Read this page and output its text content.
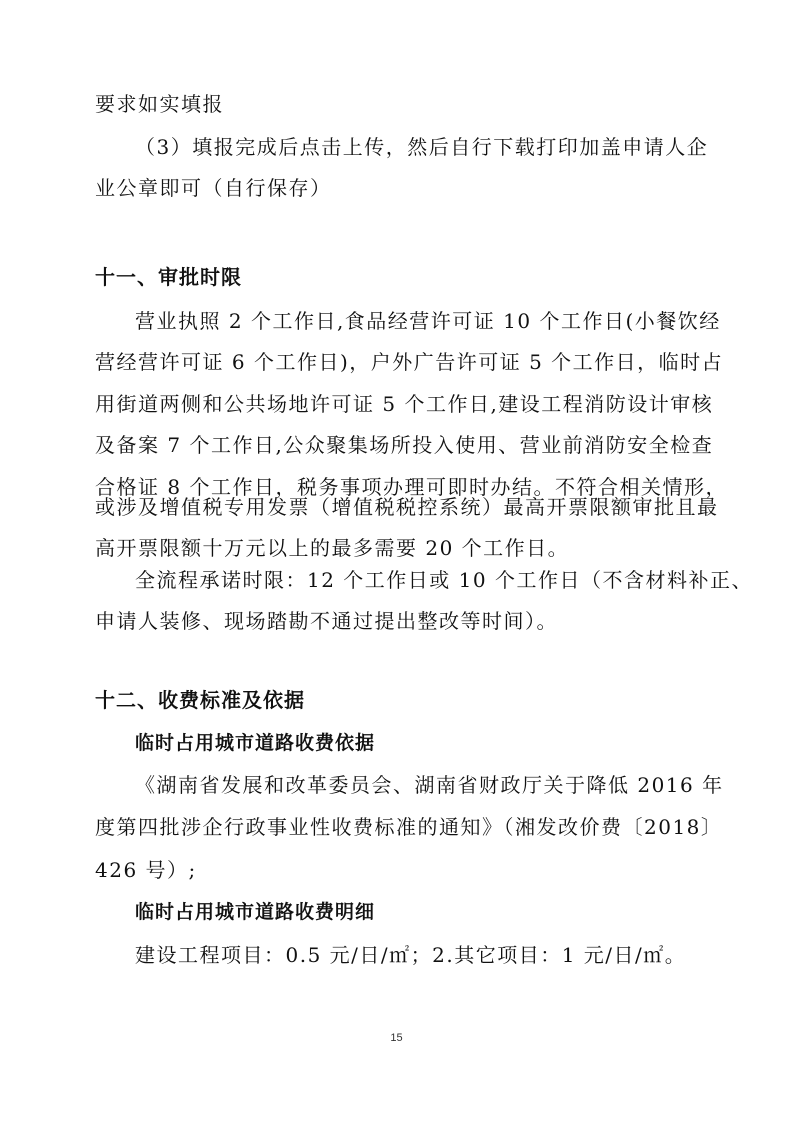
要求如实填报
（3）填报完成后点击上传，然后自行下载打印加盖申请人企
业公章即可（自行保存）
十一、审批时限
营业执照 2 个工作日,食品经营许可证 10 个工作日(小餐饮经
营经营许可证 6 个工作日)，户外广告许可证 5 个工作日，临时占
用街道两侧和公共场地许可证 5 个工作日,建设工程消防设计审核
及备案 7 个工作日,公众聚集场所投入使用、营业前消防安全检查
合格证 8 个工作日，税务事项办理可即时办结。不符合相关情形，
或涉及增值税专用发票（增值税税控系统）最高开票限额审批且最
高开票限额十万元以上的最多需要 20 个工作日。
全流程承诺时限：12 个工作日或 10 个工作日（不含材料补正、
申请人装修、现场踏勘不通过提出整改等时间）。
十二、收费标准及依据
临时占用城市道路收费依据
《湖南省发展和改革委员会、湖南省财政厅关于降低 2016 年
度第四批涉企行政事业性收费标准的通知》（湘发改价费〔2018〕
426 号）;
临时占用城市道路收费明细
建设工程项目：0.5 元/日/㎡；2.其它项目：1 元/日/㎡。
15
